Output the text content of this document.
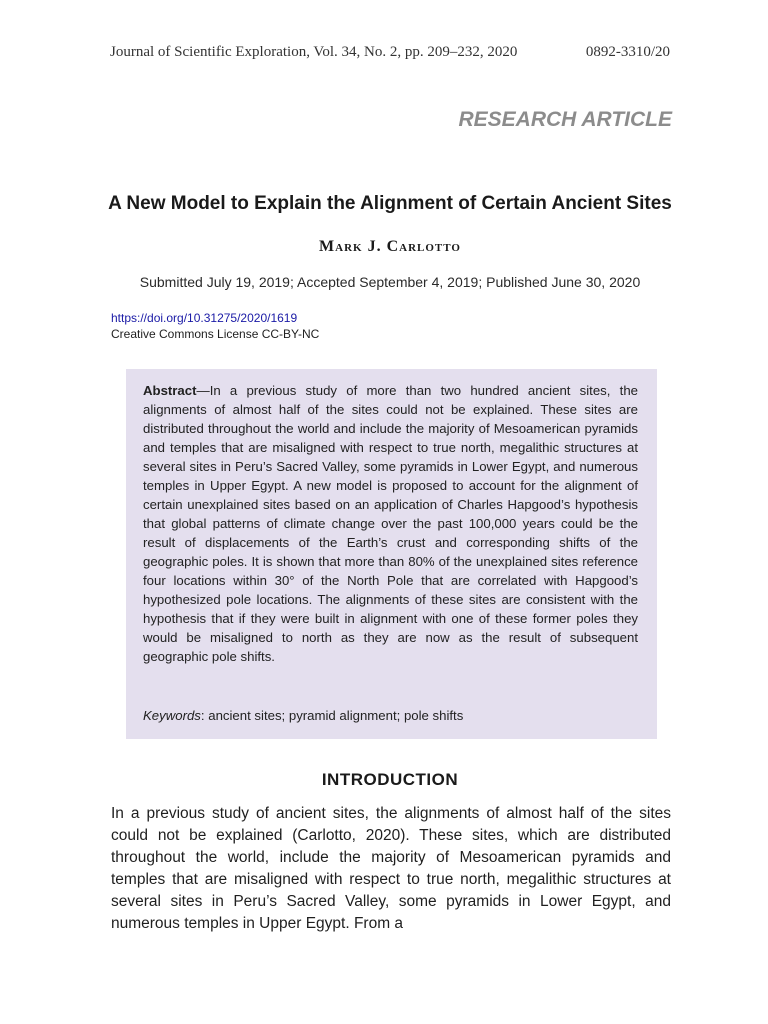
Journal of Scientific Exploration, Vol. 34, No. 2, pp. 209–232, 2020	0892-3310/20
RESEARCH ARTICLE
A New Model to Explain the Alignment of Certain Ancient Sites
Mark J. Carlotto
Submitted July 19, 2019; Accepted September 4, 2019; Published June 30, 2020
https://doi.org/10.31275/2020/1619
Creative Commons License CC-BY-NC
Abstract—In a previous study of more than two hundred ancient sites, the alignments of almost half of the sites could not be explained. These sites are distributed throughout the world and include the majority of Mesoamerican pyramids and temples that are misaligned with respect to true north, megalithic structures at several sites in Peru’s Sacred Valley, some pyramids in Lower Egypt, and numerous temples in Upper Egypt. A new model is proposed to account for the alignment of certain unexplained sites based on an application of Charles Hapgood’s hypothesis that global patterns of climate change over the past 100,000 years could be the result of displacements of the Earth’s crust and corresponding shifts of the geographic poles. It is shown that more than 80% of the unexplained sites reference four locations within 30° of the North Pole that are correlated with Hapgood’s hypothesized pole locations. The alignments of these sites are consistent with the hypothesis that if they were built in alignment with one of these former poles they would be misaligned to north as they are now as the result of subsequent geographic pole shifts.
Keywords: ancient sites; pyramid alignment; pole shifts
INTRODUCTION
In a previous study of ancient sites, the alignments of almost half of the sites could not be explained (Carlotto, 2020). These sites, which are distributed throughout the world, include the majority of Mesoamerican pyramids and temples that are misaligned with respect to true north, megalithic structures at several sites in Peru’s Sacred Valley, some pyramids in Lower Egypt, and numerous temples in Upper Egypt. From a
